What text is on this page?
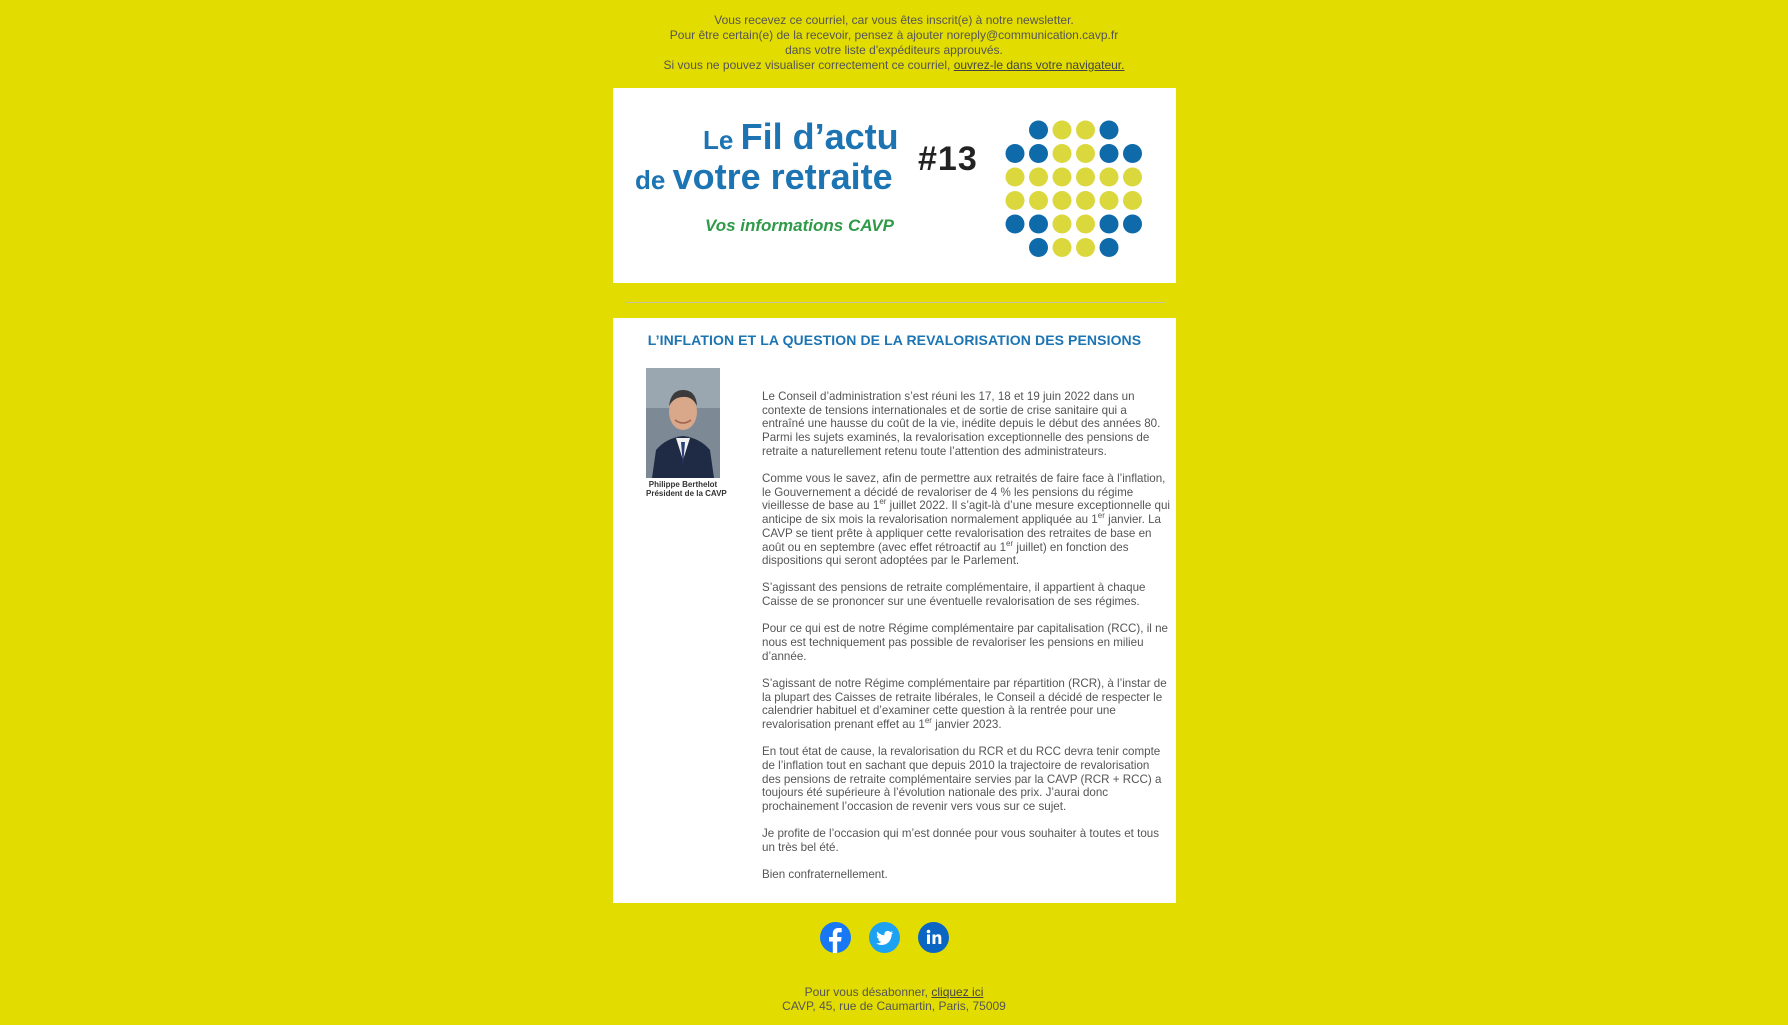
Vous recevez ce courriel, car vous êtes inscrit(e) à notre newsletter.
Pour être certain(e) de la recevoir, pensez à ajouter noreply@communication.cavp.fr
dans votre liste d'expéditeurs approuvés.
Si vous ne pouvez visualiser correctement ce courriel, ouvrez-le dans votre navigateur.
Le Fil d’actu
de votre retraite #13
Vos informations CAVP
L’INFLATION ET LA QUESTION DE LA REVALORISATION DES PENSIONS
Philippe Berthelot
Président de la CAVP

Le Conseil d’administration s’est réuni les 17, 18 et 19 juin 2022 dans un contexte de tensions internationales et de sortie de crise sanitaire qui a entraîné une hausse du coût de la vie, inédite depuis le début des années 80. Parmi les sujets examinés, la revalorisation exceptionnelle des pensions de retraite a naturellement retenu toute l’attention des administrateurs.

Comme vous le savez, afin de permettre aux retraités de faire face à l’inflation, le Gouvernement a décidé de revaloriser de 4 % les pensions du régime vieillesse de base au 1er juillet 2022. Il s’agit-là d’une mesure exceptionnelle qui anticipe de six mois la revalorisation normalement appliquée au 1er janvier. La CAVP se tient prête à appliquer cette revalorisation des retraites de base en août ou en septembre (avec effet rétroactif au 1er juillet) en fonction des dispositions qui seront adoptées par le Parlement.

S’agissant des pensions de retraite complémentaire, il appartient à chaque Caisse de se prononcer sur une éventuelle revalorisation de ses régimes.

Pour ce qui est de notre Régime complémentaire par capitalisation (RCC), il ne nous est techniquement pas possible de revaloriser les pensions en milieu d’année.

S’agissant de notre Régime complémentaire par répartition (RCR), à l’instar de la plupart des Caisses de retraite libérales, le Conseil a décidé de respecter le calendrier habituel et d’examiner cette question à la rentrée pour une revalorisation prenant effet au 1er janvier 2023.

En tout état de cause, la revalorisation du RCR et du RCC devra tenir compte de l’inflation tout en sachant que depuis 2010 la trajectoire de revalorisation des pensions de retraite complémentaire servies par la CAVP (RCR + RCC) a toujours été supérieure à l’évolution nationale des prix. J’aurai donc prochainement l’occasion de revenir vers vous sur ce sujet.

Je profite de l’occasion qui m’est donnée pour vous souhaiter à toutes et tous un très bel été.

Bien confraternellement.

Pour vous désabonner, cliquez ici
CAVP, 45, rue de Caumartin, Paris, 75009
